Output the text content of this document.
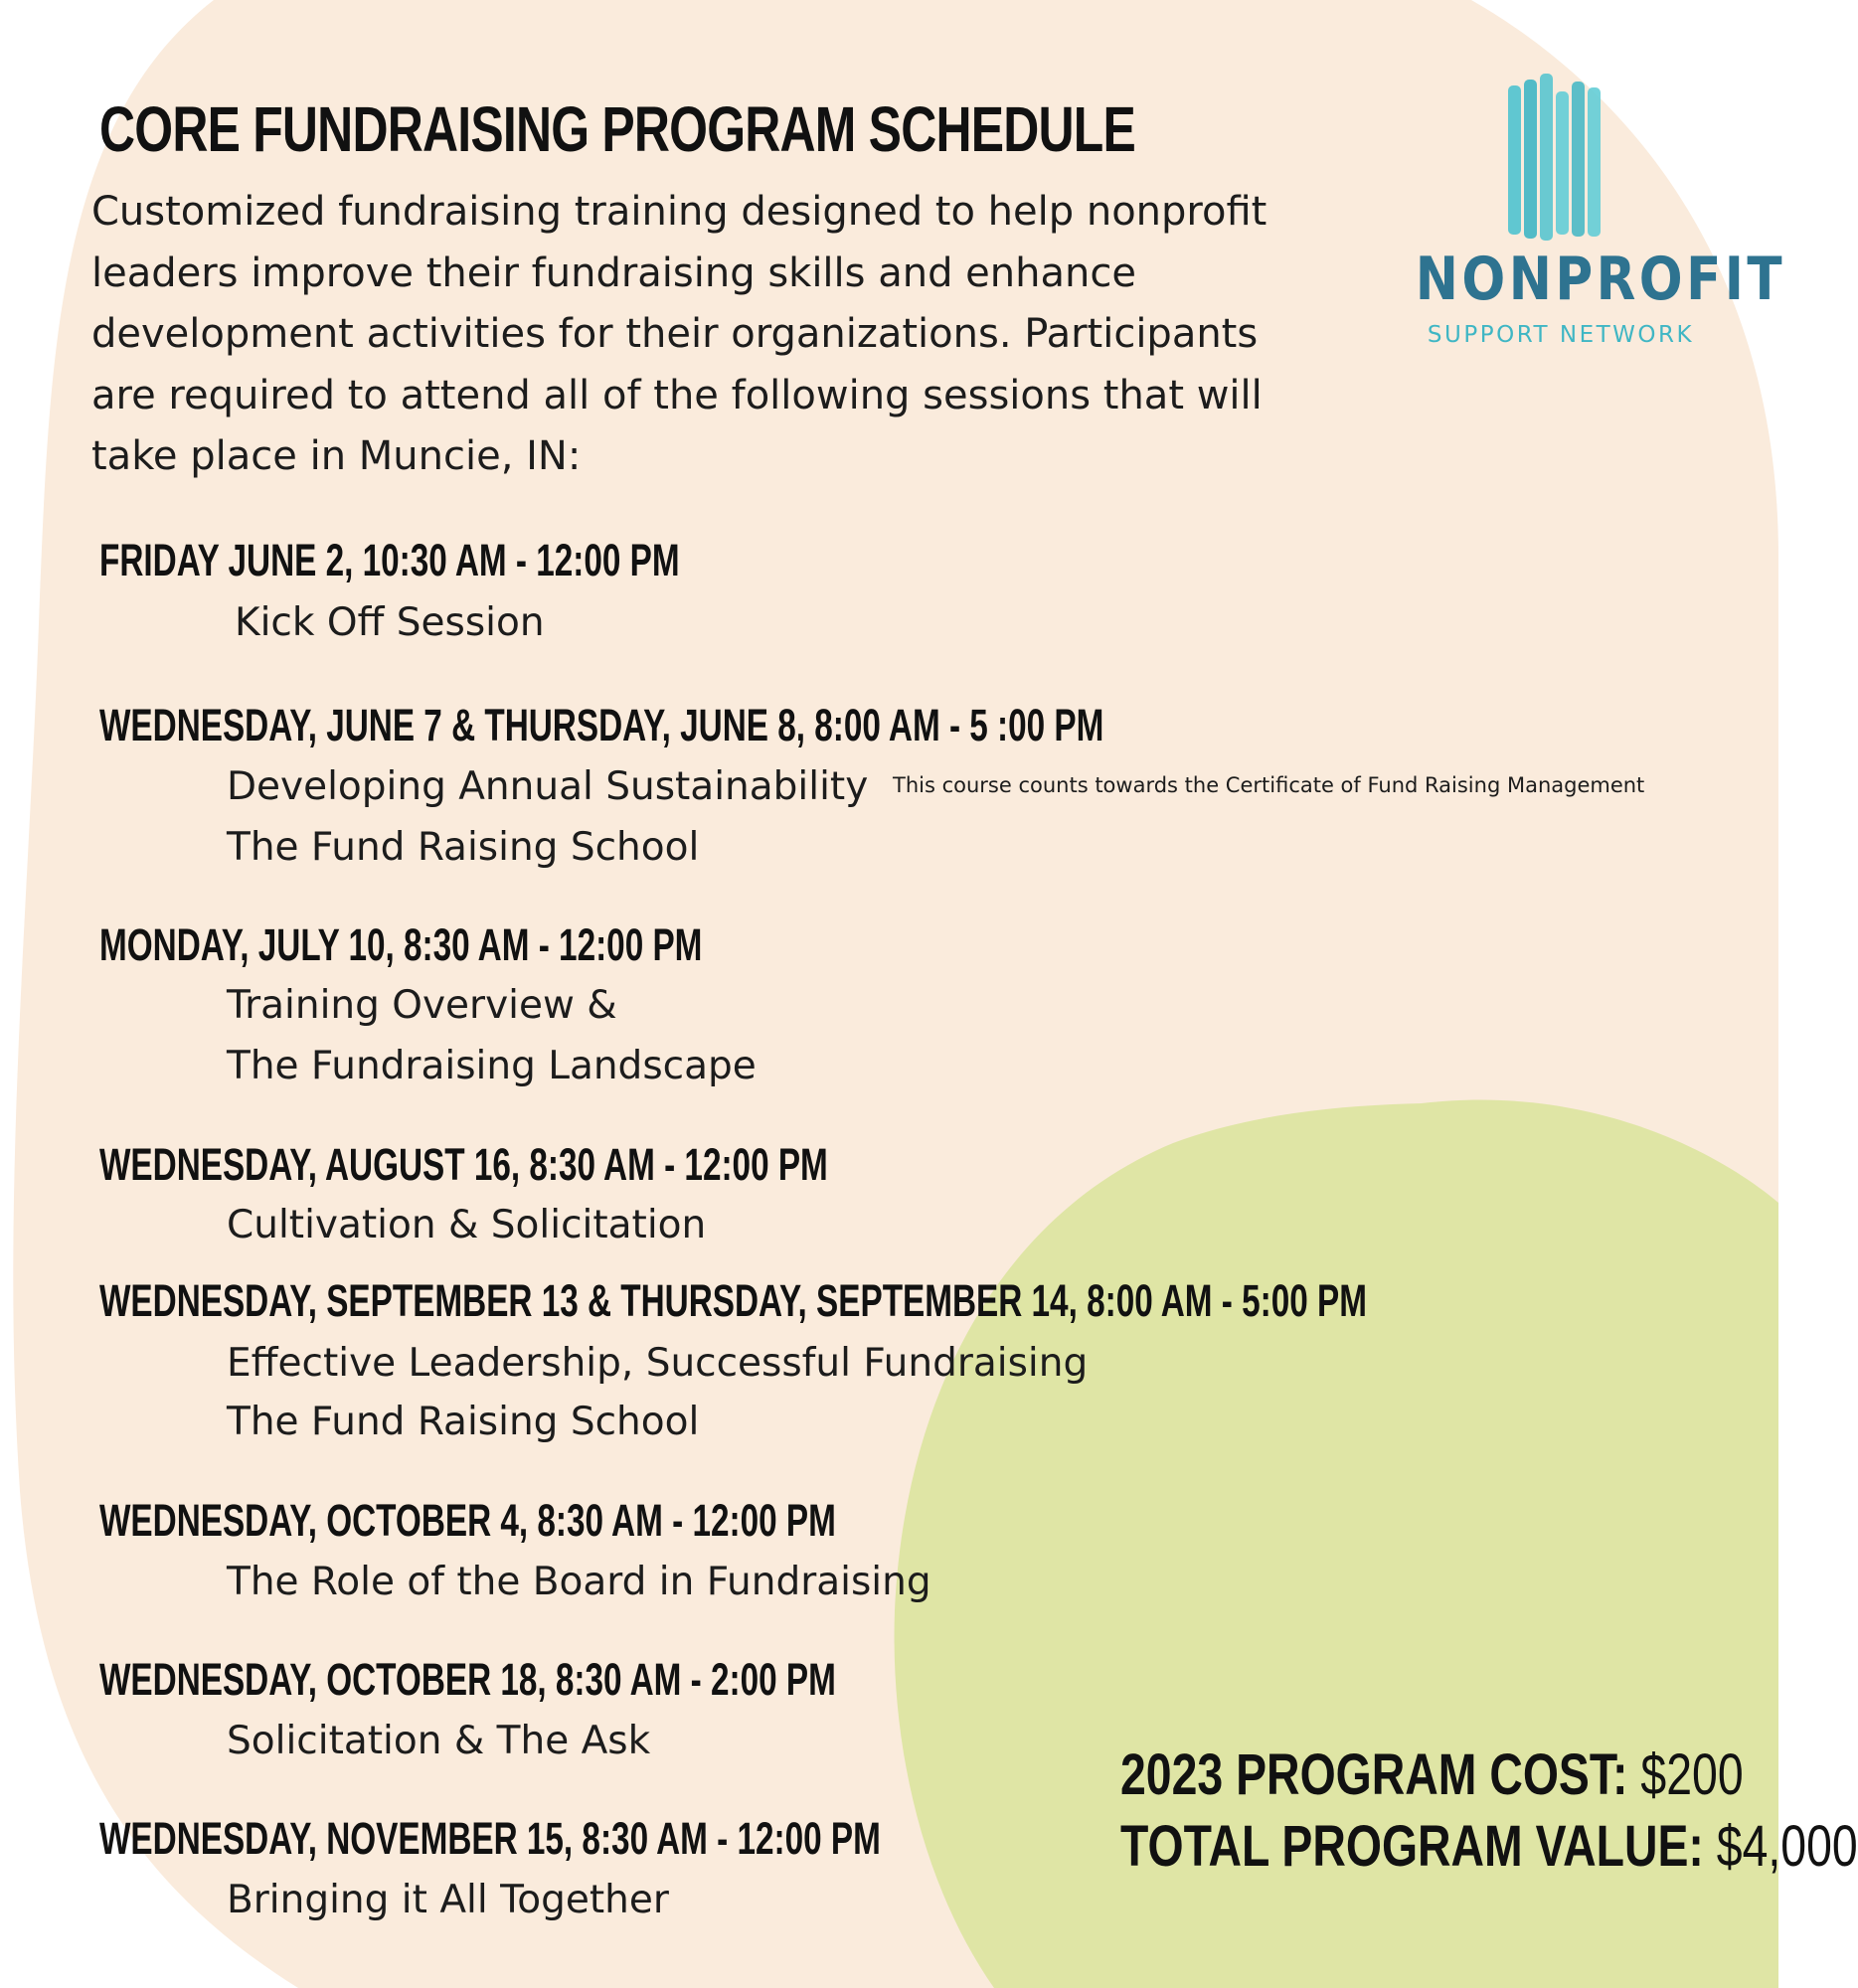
CORE FUNDRAISING PROGRAM SCHEDULE

Customized fundraising training designed to help nonprofit leaders improve their fundraising skills and enhance development activities for their organizations. Participants are required to attend all of the following sessions that will take place in Muncie, IN:

NONPROFIT
SUPPORT NETWORK
FRIDAY JUNE 2, 10:30 AM - 12:00 PM

Kick Off Session

WEDNESDAY, JUNE 7 & THURSDAY, JUNE 8, 8:00 AM - 5 :00 PM

Developing Annual Sustainability This course counts towards the Certificate of Fund Raising Management

The Fund Raising School

MONDAY, JULY 10, 8:30 AM - 12:00 PM

Training Overview &

The Fundraising Landscape

WEDNESDAY, AUGUST 16, 8:30 AM - 12:00 PM

Cultivation & Solicitation

WEDNESDAY, SEPTEMBER 13 & THURSDAY, SEPTEMBER 14, 8:00 AM - 5:00 PM

Effective Leadership, Successful Fundraising

The Fund Raising School

WEDNESDAY, OCTOBER 4, 8:30 AM - 12:00 PM

The Role of the Board in Fundraising

WEDNESDAY, OCTOBER 18, 8:30 AM - 2:00 PM

Solicitation & The Ask

WEDNESDAY, NOVEMBER 15, 8:30 AM - 12:00 PM

Bringing it All Together

2023 PROGRAM COST: $200

TOTAL PROGRAM VALUE: $4,000
